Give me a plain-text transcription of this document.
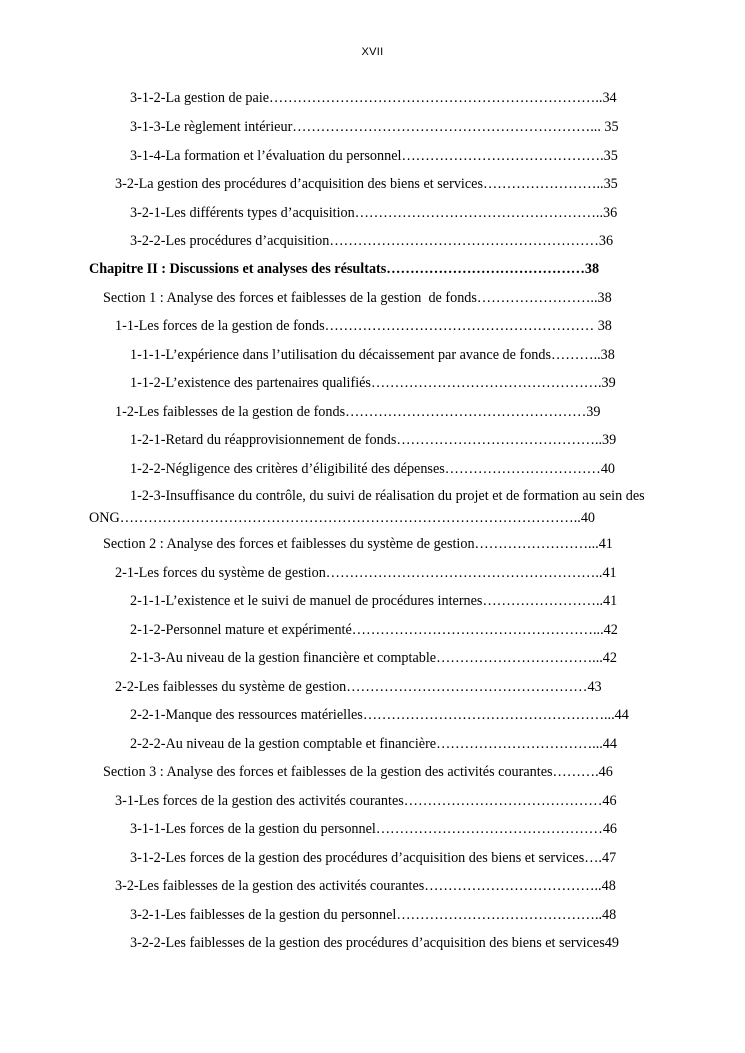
XVII
3-1-2-La gestion de paie……………………………………………………………..34
3-1-3-Le règlement intérieur………………………………………………………... 35
3-1-4-La formation et l’évaluation du personnel…………………………………….35
3-2-La gestion des procédures d’acquisition des biens et services……………………..35
3-2-1-Les différents types d’acquisition……………………………………………..36
3-2-2-Les procédures d’acquisition…………………………………………………36
Chapitre II : Discussions et analyses des résultats……………………………………38
Section 1 : Analyse des forces et faiblesses de la gestion  de fonds……………………..38
1-1-Les forces de la gestion de fonds………………………………………………… 38
1-1-1-L’expérience dans l’utilisation du décaissement par avance de fonds………..38
1-1-2-L’existence des partenaires qualifiés………………………………………….39
1-2-Les faiblesses de la gestion de fonds……………………………………………39
1-2-1-Retard du réapprovisionnement de fonds……………………………………..39
1-2-2-Négligence des critères d’éligibilité des dépenses……………………………40
1-2-3-Insuffisance du contrôle, du suivi de réalisation du projet et de formation au sein des ONG……………………………………………………………………………………..40
Section 2 : Analyse des forces et faiblesses du système de gestion……………………...41
2-1-Les forces du système de gestion…………………………………………………..41
2-1-1-L’existence et le suivi de manuel de procédures internes……………………..41
2-1-2-Personnel mature et expérimenté……………………………………………...42
2-1-3-Au niveau de la gestion financière et comptable……………………………...42
2-2-Les faiblesses du système de gestion……………………………………………43
2-2-1-Manque des ressources matérielles……………………………………………...44
2-2-2-Au niveau de la gestion comptable et financière……………………………...44
Section 3 : Analyse des forces et faiblesses de la gestion des activités courantes……….46
3-1-Les forces de la gestion des activités courantes……………………………………46
3-1-1-Les forces de la gestion du personnel…………………………………………46
3-1-2-Les forces de la gestion des procédures d’acquisition des biens et services….47
3-2-Les faiblesses de la gestion des activités courantes………………………………..48
3-2-1-Les faiblesses de la gestion du personnel……………………………………..48
3-2-2-Les faiblesses de la gestion des procédures d’acquisition des biens et services49
